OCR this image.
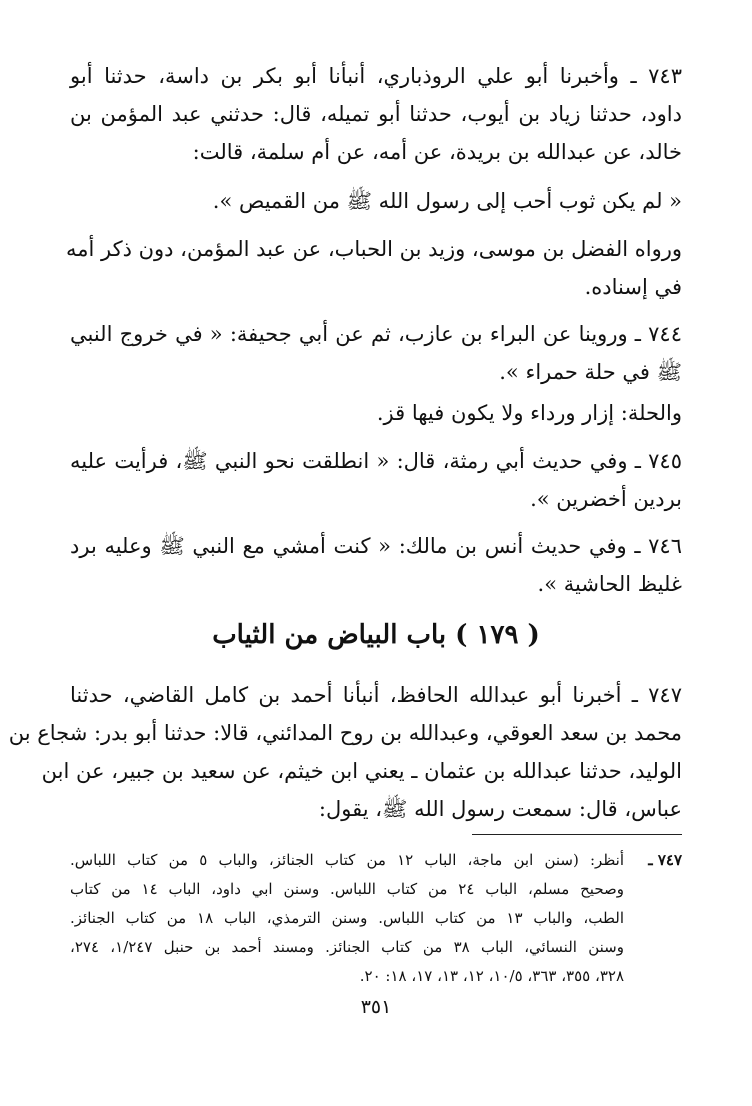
٧٤٣ ـ وأخبرنا أبو علي الروذباري، أنبأنا أبو بكر بن داسة، حدثنا أبو
داود، حدثنا زياد بن أيوب، حدثنا أبو تميله، قال: حدثني عبد المؤمن بن
خالد، عن عبدالله بن بريدة، عن أمه، عن أم سلمة، قالت:
« لم يكن ثوب أحب إلى رسول الله ﷺ من القميص ».
ورواه الفضل بن موسى، وزيد بن الحباب، عن عبد المؤمن، دون ذكر أمه
في إسناده.
٧٤٤ ـ وروينا عن البراء بن عازب، ثم عن أبي جحيفة: « في خروج النبي
ﷺ في حلة حمراء ».
والحلة: إزار ورداء ولا يكون فيها قز.
٧٤٥ ـ وفي حديث أبي رمثة، قال: « انطلقت نحو النبي ﷺ، فرأيت عليه
بردين أخضرين ».
٧٤٦ ـ وفي حديث أنس بن مالك: « كنت أمشي مع النبي ﷺ وعليه برد
غليظ الحاشية ».
( ١٧٩ ) باب البياض من الثياب
٧٤٧ ـ أخبرنا أبو عبدالله الحافظ، أنبأنا أحمد بن كامل القاضي، حدثنا
محمد بن سعد العوقي، وعبدالله بن روح المدائني، قالا: حدثنا أبو بدر: شجاع بن
الوليد، حدثنا عبدالله بن عثمان ـ يعني ابن خيثم، عن سعيد بن جبير، عن ابن
عباس، قال: سمعت رسول الله ﷺ، يقول:
٧٤٧ ـ
أنظر: (سنن ابن ماجة، الباب ١٢ من كتاب الجنائز، والباب ٥ من كتاب اللباس.
وصحيح مسلم، الباب ٢٤ من كتاب اللباس. وسنن ابي داود، الباب ١٤ من كتاب
الطب، والباب ١٣ من كتاب اللباس. وسنن الترمذي، الباب ١٨ من كتاب الجنائز.
وسنن النسائي، الباب ٣٨ من كتاب الجنائز. ومسند أحمد بن حنبل ١/٢٤٧، ٢٧٤،
٣٢٨، ٣٥٥، ٣٦٣، ١٠/٥، ١٢، ١٣، ١٧، ١٨: ٢٠.
٣٥١
